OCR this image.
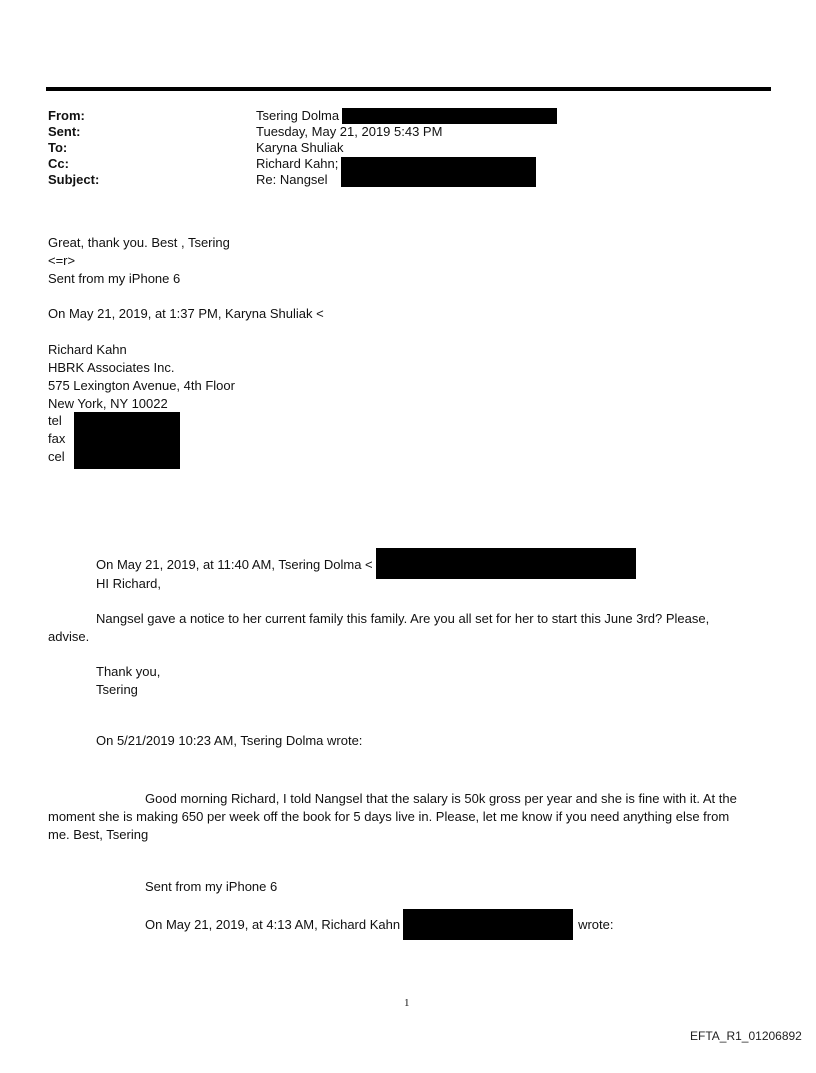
From:	Tsering Dolma
Sent:	Tuesday, May 21, 2019 5:43 PM
To:	Karyna Shuliak
Cc:	Richard Kahn;
Subject:	Re: Nangsel
Great, thank you. Best , Tsering
<=r>
Sent from my iPhone 6
On May 21, 2019, at 1:37 PM, Karyna Shuliak <
Richard Kahn
HBRK Associates Inc.
575 Lexington Avenue, 4th Floor
New York, NY 10022
tel
fax
cel
On May 21, 2019, at 11:40 AM, Tsering Dolma <
HI Richard,
Nangsel gave a notice to her current family this family. Are you all set for her to start this June 3rd? Please,
advise.
Thank you,
Tsering
On 5/21/2019 10:23 AM, Tsering Dolma wrote:
Good morning Richard, I told Nangsel that the salary is 50k gross per year and she is fine with it. At the
moment she is making 650 per week off the book for 5 days live in. Please, let me know if you need anything else from
me. Best, Tsering
Sent from my iPhone 6
On May 21, 2019, at 4:13 AM, Richard Kahn	wrote:
1
EFTA_R1_01206892
